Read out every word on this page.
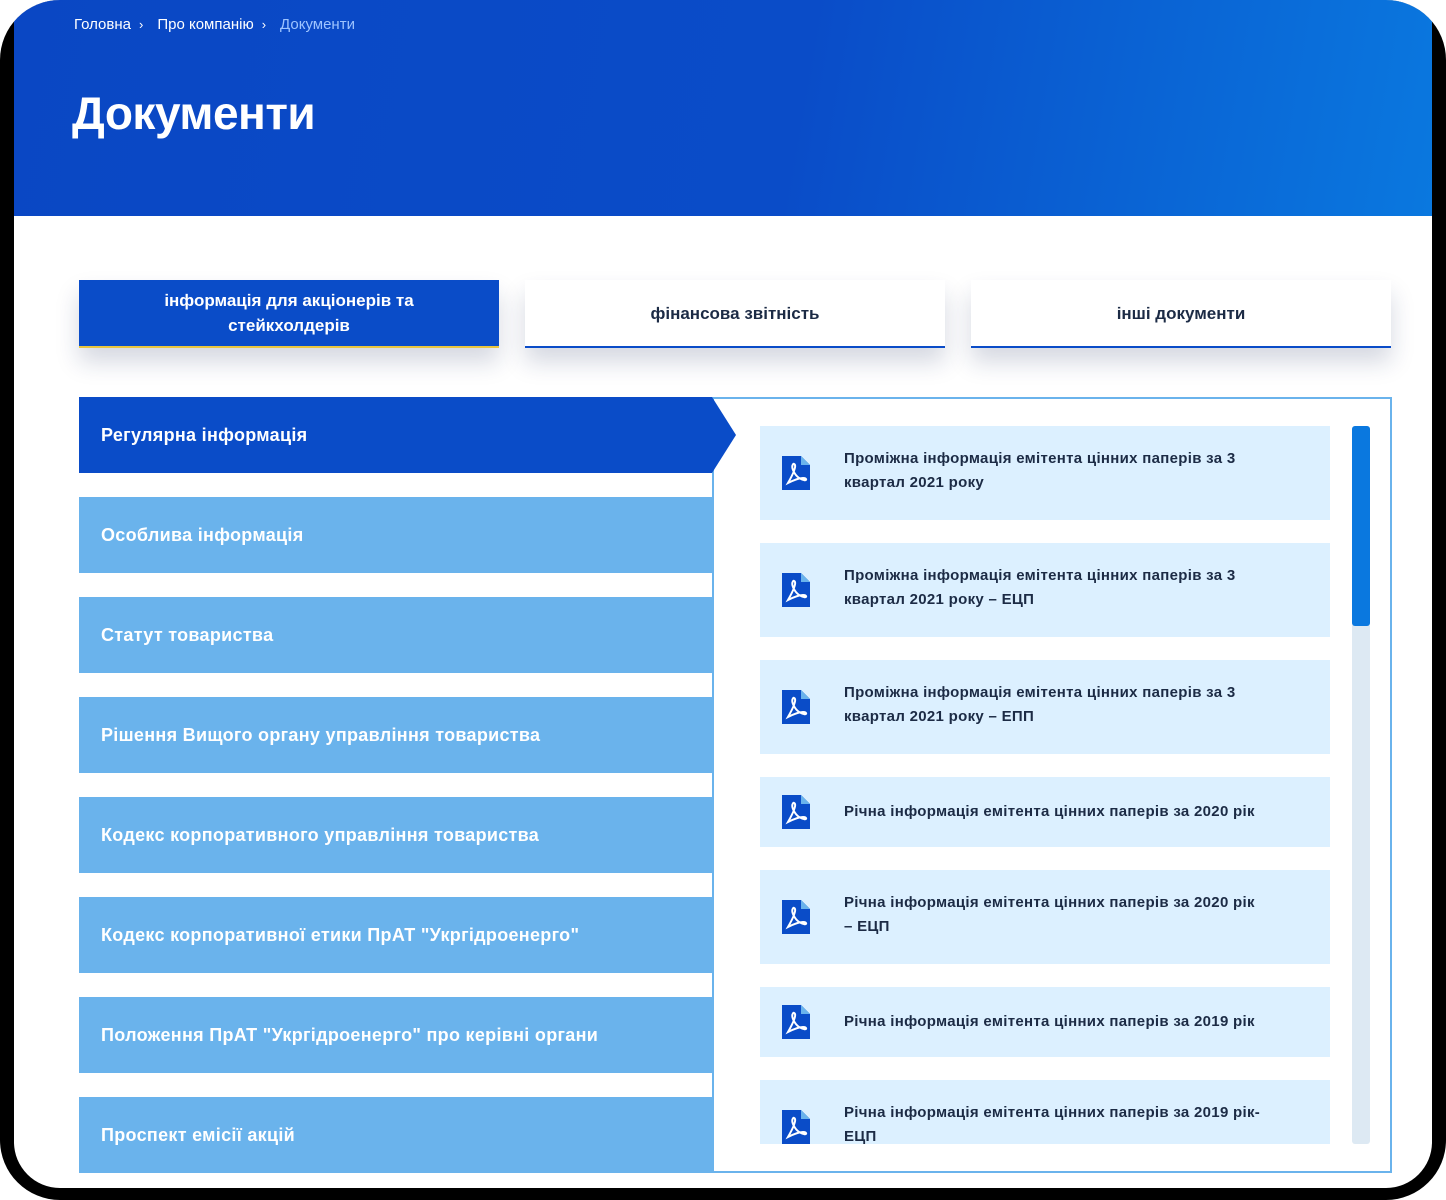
Головна › Про компанію › Документи
Документи
інформація для акціонерів та
стейкхолдерів
фінансова звітність	інші документи
Регулярна інформація
Особлива інформація
Статут товариства
Рішення Вищого органу управління товариства
Кодекс корпоративного управління товариства
Кодекс корпоративної етики ПрАТ "Укргідроенерго"
Положення ПрАТ "Укргідроенерго" про керівні органи
Проспект емісії акцій
Проміжна інформація емітента цінних паперів за 3
квартал 2021 року
Проміжна інформація емітента цінних паперів за 3
квартал 2021 року – ЕЦП
Проміжна інформація емітента цінних паперів за 3
квартал 2021 року – ЕПП
Річна інформація емітента цінних паперів за 2020 рік
Річна інформація емітента цінних паперів за 2020 рік
– ЕЦП
Річна інформація емітента цінних паперів за 2019 рік
Річна інформація емітента цінних паперів за 2019 рік-
ЕЦП
